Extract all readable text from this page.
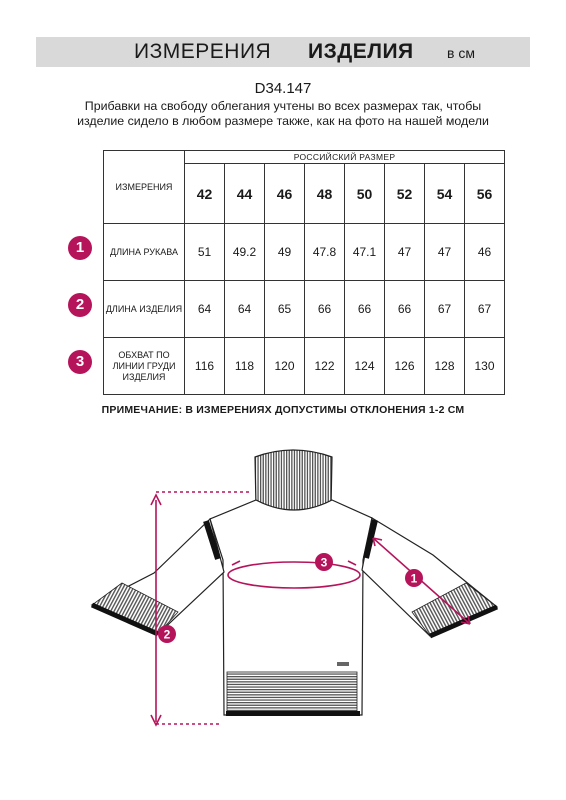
ИЗМЕРЕНИЯ ИЗДЕЛИЯ в см
D34.147
Прибавки на свободу облегания учтены во всех размерах так, чтобы изделие сидело в любом размере также, как на фото на нашей модели
ИЗМЕРЕНИЯ	РОССИЙСКИЙ РАЗМЕР							
	42	44	46	48	50	52	54	56
ДЛИНА РУКАВА	51	49.2	49	47.8	47.1	47	47	46
ДЛИНА ИЗДЕЛИЯ	64	64	65	66	66	66	67	67
ОБХВАТ ПО ЛИНИИ ГРУДИ ИЗДЕЛИЯ	116	118	120	122	124	126	128	130
1
2
3
ПРИМЕЧАНИЕ: В ИЗМЕРЕНИЯХ ДОПУСТИМЫ ОТКЛОНЕНИЯ 1-2 СМ
1
2
3
